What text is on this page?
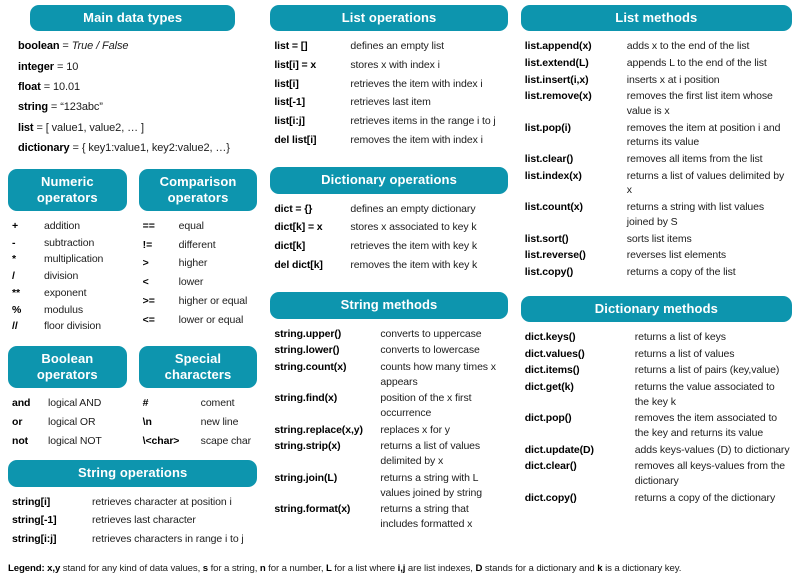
Main data types
boolean = True / False
integer = 10
float = 10.01
string = “123abc”
list = [ value1, value2, … ]
dictionary = { key1:value1, key2:value2, …}
Numeric operators
+	addition
-	subtraction
*	multiplication
/	division
**	exponent
%	modulus
//	floor division
Comparison operators
==	equal
!=	different
>	higher
<	lower
>=	higher or equal
<=	lower or equal
Boolean operators
and	logical AND
or	logical OR
not	logical NOT
Special characters
#	coment
\n	new line
\<char>	scape char
String operations
string[i]	retrieves character at position i
string[-1]	retrieves last character
string[i:j]	retrieves characters in range i to j
List operations
list = []	defines an empty list
list[i] = x	stores x with index i
list[i]	retrieves the item with index i
list[-1]	retrieves last item
list[i:j]	retrieves items in the range i to j
del list[i]	removes the item with index i
Dictionary operations
dict = {}	defines an empty dictionary
dict[k] = x	stores x associated to key k
dict[k]	retrieves the item with key k
del dict[k]	removes the item with key k
String methods
string.upper()	converts to uppercase
string.lower()	converts to lowercase
string.count(x)	counts how many times x appears
string.find(x)	position of the x first occurrence
string.replace(x,y)	replaces x for y
string.strip(x)	returns a list of values delimited by x
string.join(L)	returns a string with L values joined by string
string.format(x)	returns a string that includes formatted x
List methods
list.append(x)	adds x to the end of the list
list.extend(L)	appends L to the end of the list
list.insert(i,x)	inserts x at i position
list.remove(x)	removes the first list item whose value is x
list.pop(i)	removes the item at position i and returns its value
list.clear()	removes all items from the list
list.index(x)	returns a list of values delimited by x
list.count(x)	returns a string with list values joined by S
list.sort()	sorts list items
list.reverse()	reverses list elements
list.copy()	returns a copy of the list
Dictionary methods
dict.keys()	returns a list of keys
dict.values()	returns a list of values
dict.items()	returns a list of pairs (key,value)
dict.get(k)	returns the value associated to the key k
dict.pop()	removes the item associated to the key and returns its value
dict.update(D)	adds keys-values (D) to dictionary
dict.clear()	removes all keys-values from the dictionary
dict.copy()	returns a copy of the dictionary
Legend: x,y stand for any kind of data values, s for a string, n for a number, L for a list where i,j are list indexes, D stands for a dictionary and k is a dictionary key.
